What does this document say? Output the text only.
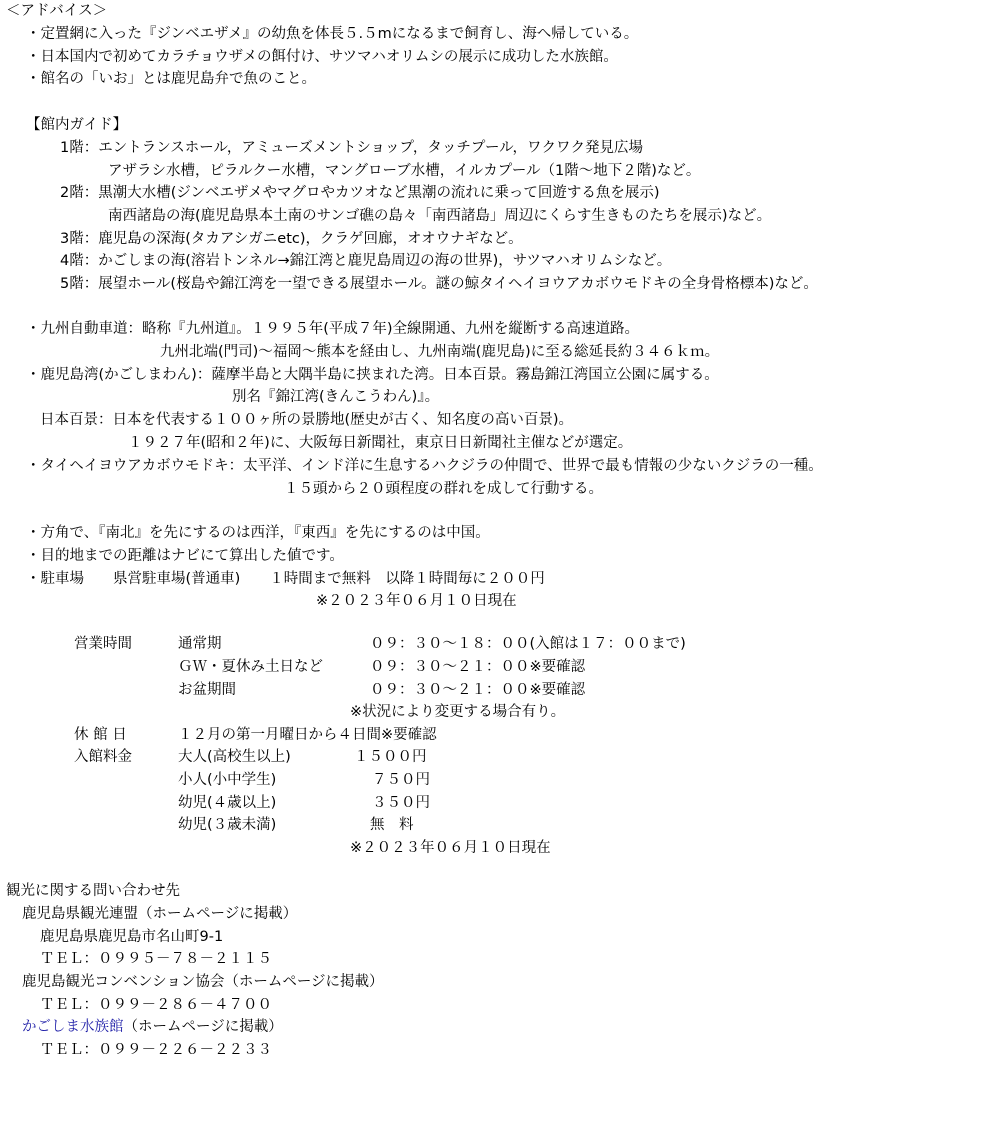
＜アドバイス＞
・定置網に入った『ジンベエザメ』の幼魚を体長５.５mになるまで飼育し、海へ帰している。
・日本国内で初めてカラチョウザメの餌付け、サツマハオリムシの展示に成功した水族館。
・館名の「いお」とは鹿児島弁で魚のこと。
【館内ガイド】
1階：エントランスホール，アミューズメントショップ，タッチプール，ワクワク発見広場
アザラシ水槽，ピラルクー水槽，マングローブ水槽，イルカプール（1階～地下２階)など。
2階：黒潮大水槽(ジンベエザメやマグロやカツオなど黒潮の流れに乗って回遊する魚を展示)
南西諸島の海(鹿児島県本土南のサンゴ礁の島々「南西諸島」周辺にくらす生きものたちを展示)など。
3階：鹿児島の深海(タカアシガニetc)，クラゲ回廊，オオウナギなど。
4階：かごしまの海(溶岩トンネル→錦江湾と鹿児島周辺の海の世界)，サツマハオリムシなど。
5階：展望ホール(桜島や錦江湾を一望できる展望ホール。謎の鯨タイヘイヨウアカボウモドキの全身骨格標本)など。
・九州自動車道：略称『九州道』。１９９５年(平成７年)全線開通、九州を縦断する高速道路。
九州北端(門司)～福岡～熊本を経由し、九州南端(鹿児島)に至る総延長約３４６ｋｍ。
・鹿児島湾(かごしまわん)：薩摩半島と大隅半島に挟まれた湾。日本百景。霧島錦江湾国立公園に属する。
別名『錦江湾(きんこうわん)』。
日本百景：日本を代表する１００ヶ所の景勝地(歴史が古く、知名度の高い百景)。
１９２７年(昭和２年)に、大阪毎日新聞社，東京日日新聞社主催などが選定。
・タイヘイヨウアカボウモドキ：太平洋、インド洋に生息するハクジラの仲間で、世界で最も情報の少ないクジラの一種。
１５頭から２０頭程度の群れを成して行動する。
・方角で、『南北』を先にするのは西洋，『東西』を先にするのは中国。
・目的地までの距離はナビにて算出した値です。
・駐車場　　県営駐車場(普通車)　　１時間まで無料　以降１時間毎に２００円
※２０２３年０６月１０日現在
営業時間	通常期	０９：３０～１８：００(入館は１７：００まで)
ＧＷ・夏休み土日など	０９：３０～２１：００※要確認
お盆期間	０９：３０～２１：００※要確認
※状況により変更する場合有り。
休 館 日	１２月の第一月曜日から４日間※要確認
入館料金	大人(高校生以上)	１５００円
小人(小中学生)	７５０円
幼児(４歳以上)	３５０円
幼児(３歳未満)	無　料
※２０２３年０６月１０日現在
観光に関する問い合わせ先
鹿児島県観光連盟（ホームページに掲載）
鹿児島県鹿児島市名山町9-1
ＴＥＬ：０９９５－７８－２１１５
鹿児島観光コンベンション協会（ホームページに掲載）
ＴＥＬ：０９９－２８６－４７００
かごしま水族館（ホームページに掲載）
ＴＥＬ：０９９－２２６－２２３３
